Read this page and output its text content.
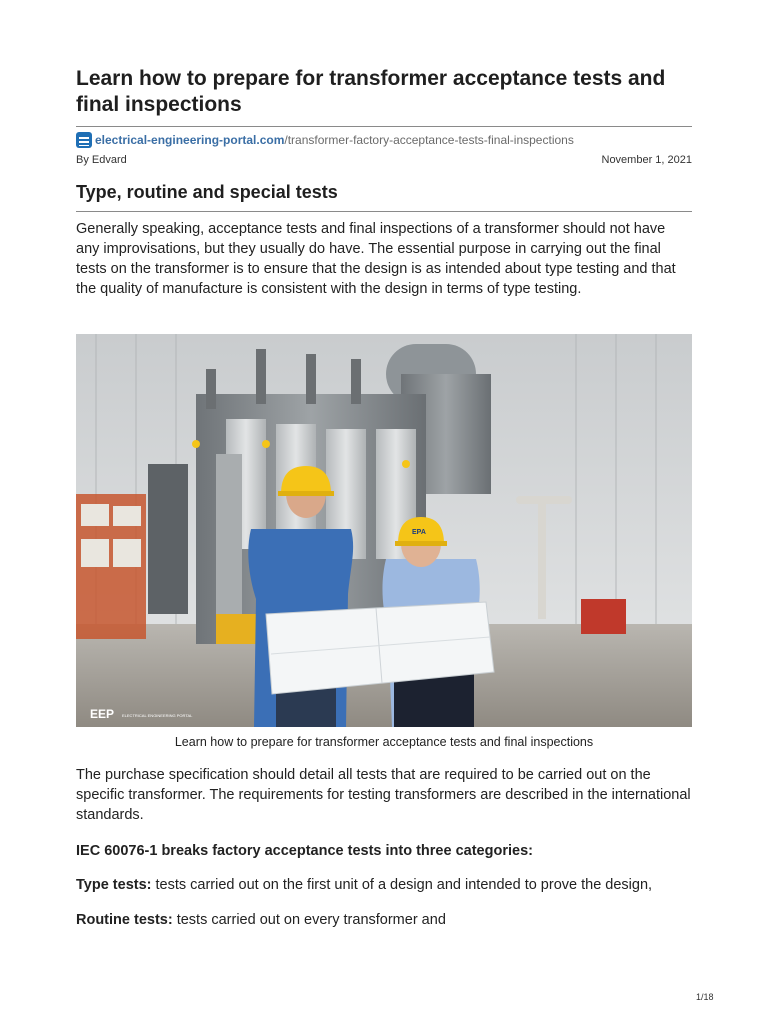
Learn how to prepare for transformer acceptance tests and final inspections
electrical-engineering-portal.com /transformer-factory-acceptance-tests-final-inspections
By Edvard	November 1, 2021
Type, routine and special tests

Generally speaking, acceptance tests and final inspections of a transformer should not have any improvisations, but they usually do have. The essential purpose in carrying out the final tests on the transformer is to ensure that the design is as intended about type testing and that the quality of manufacture is consistent with the design in terms of type testing.

EPA
EEP ELECTRICAL ENGINEERING PORTAL
Learn how to prepare for transformer acceptance tests and final inspections

The purchase specification should detail all tests that are required to be carried out on the specific transformer. The requirements for testing transformers are described in the international standards.

IEC 60076-1 breaks factory acceptance tests into three categories:

Type tests: tests carried out on the first unit of a design and intended to prove the design,

Routine tests: tests carried out on every transformer and

1/18
